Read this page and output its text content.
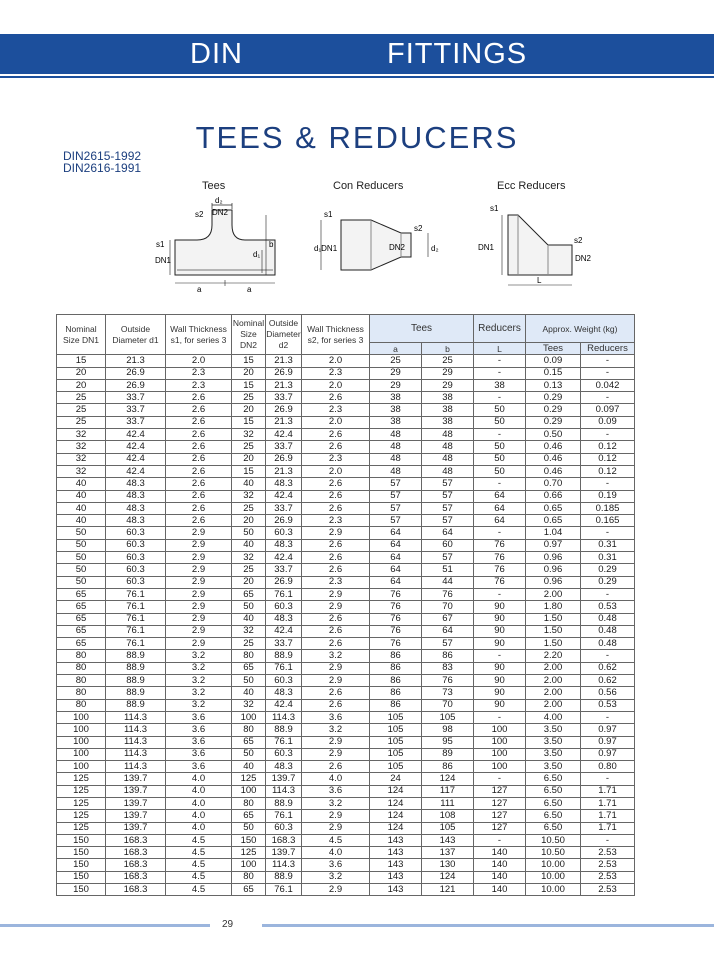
DIN	FITTINGS
TEES & REDUCERS
DIN2615-1992
DIN2616-1991
Tees	Con Reducers	Ecc Reducers
d₂
DN2
s2
s1
DN1
b
d₁
a	a
s1
d₁DN1	DN2
s2
d₂
s1
DN1
s2
DN2
L
Nominal Size DN1	Outside Diameter d1	Wall Thickness s1, for series 3	Nominal Size DN2	Outside Diameter d2	Wall Thickness s2, for series 3	Tees		Reducers	Approx. Weight (kg)	
						a	b	L	Tees	Reducers
15	21.3	2.0	15	21.3	2.0	25	25	-	0.09	-
20	26.9	2.3	20	26.9	2.3	29	29	-	0.15	-
20	26.9	2.3	15	21.3	2.0	29	29	38	0.13	0.042
25	33.7	2.6	25	33.7	2.6	38	38	-	0.29	-
25	33.7	2.6	20	26.9	2.3	38	38	50	0.29	0.097
25	33.7	2.6	15	21.3	2.0	38	38	50	0.29	0.09
32	42.4	2.6	32	42.4	2.6	48	48	-	0.50	-
32	42.4	2.6	25	33.7	2.6	48	48	50	0.46	0.12
32	42.4	2.6	20	26.9	2.3	48	48	50	0.46	0.12
32	42.4	2.6	15	21.3	2.0	48	48	50	0.46	0.12
40	48.3	2.6	40	48.3	2.6	57	57	-	0.70	-
40	48.3	2.6	32	42.4	2.6	57	57	64	0.66	0.19
40	48.3	2.6	25	33.7	2.6	57	57	64	0.65	0.185
40	48.3	2.6	20	26.9	2.3	57	57	64	0.65	0.165
50	60.3	2.9	50	60.3	2.9	64	64	-	1.04	-
50	60.3	2.9	40	48.3	2.6	64	60	76	0.97	0.31
50	60.3	2.9	32	42.4	2.6	64	57	76	0.96	0.31
50	60.3	2.9	25	33.7	2.6	64	51	76	0.96	0.29
50	60.3	2.9	20	26.9	2.3	64	44	76	0.96	0.29
65	76.1	2.9	65	76.1	2.9	76	76	-	2.00	-
65	76.1	2.9	50	60.3	2.9	76	70	90	1.80	0.53
65	76.1	2.9	40	48.3	2.6	76	67	90	1.50	0.48
65	76.1	2.9	32	42.4	2.6	76	64	90	1.50	0.48
65	76.1	2.9	25	33.7	2.6	76	57	90	1.50	0.48
80	88.9	3.2	80	88.9	3.2	86	86	-	2.20	-
80	88.9	3.2	65	76.1	2.9	86	83	90	2.00	0.62
80	88.9	3.2	50	60.3	2.9	86	76	90	2.00	0.62
80	88.9	3.2	40	48.3	2.6	86	73	90	2.00	0.56
80	88.9	3.2	32	42.4	2.6	86	70	90	2.00	0.53
100	114.3	3.6	100	114.3	3.6	105	105	-	4.00	-
100	114.3	3.6	80	88.9	3.2	105	98	100	3.50	0.97
100	114.3	3.6	65	76.1	2.9	105	95	100	3.50	0.97
100	114.3	3.6	50	60.3	2.9	105	89	100	3.50	0.97
100	114.3	3.6	40	48.3	2.6	105	86	100	3.50	0.80
125	139.7	4.0	125	139.7	4.0	24	124	-	6.50	-
125	139.7	4.0	100	114.3	3.6	124	117	127	6.50	1.71
125	139.7	4.0	80	88.9	3.2	124	111	127	6.50	1.71
125	139.7	4.0	65	76.1	2.9	124	108	127	6.50	1.71
125	139.7	4.0	50	60.3	2.9	124	105	127	6.50	1.71
150	168.3	4.5	150	168.3	4.5	143	143	-	10.50	-
150	168.3	4.5	125	139.7	4.0	143	137	140	10.50	2.53
150	168.3	4.5	100	114.3	3.6	143	130	140	10.00	2.53
150	168.3	4.5	80	88.9	3.2	143	124	140	10.00	2.53
150	168.3	4.5	65	76.1	2.9	143	121	140	10.00	2.53
29
